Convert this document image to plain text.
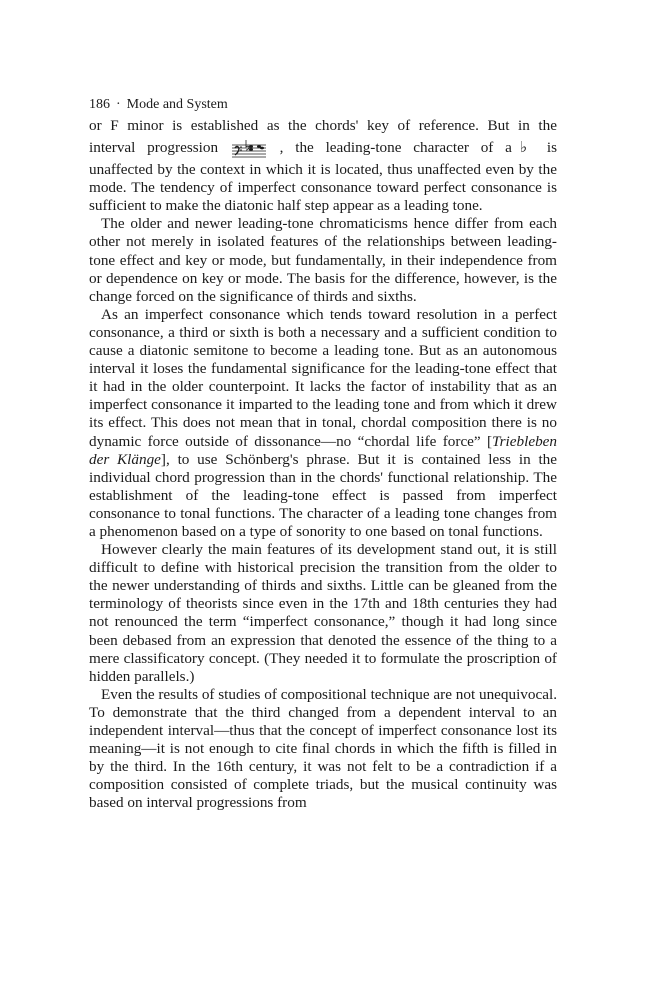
186 · Mode and System

or F minor is established as the chords' key of reference. But in the

interval progression	, the leading-tone character of a♭ is

unaffected by the context in which it is located, thus unaffected even by the mode. The tendency of imperfect consonance toward perfect consonance is sufficient to make the diatonic half step appear as a leading tone.

The older and newer leading-tone chromaticisms hence differ from each other not merely in isolated features of the relationships between leading-tone effect and key or mode, but fundamentally, in their independence from or dependence on key or mode. The basis for the difference, however, is the change forced on the significance of thirds and sixths.

As an imperfect consonance which tends toward resolution in a perfect consonance, a third or sixth is both a necessary and a sufficient condition to cause a diatonic semitone to become a leading tone. But as an autonomous interval it loses the fundamental significance for the leading-tone effect that it had in the older counterpoint. It lacks the factor of instability that as an imperfect consonance it imparted to the leading tone and from which it drew its effect. This does not mean that in tonal, chordal composition there is no dynamic force outside of dissonance—no “chordal life force” [Triebleben der Klänge], to use Schönberg's phrase. But it is contained less in the individual chord progression than in the chords' functional relationship. The establishment of the leading-tone effect is passed from imperfect consonance to tonal functions. The character of a leading tone changes from a phenomenon based on a type of sonority to one based on tonal functions.

However clearly the main features of its development stand out, it is still difficult to define with historical precision the transition from the older to the newer understanding of thirds and sixths. Little can be gleaned from the terminology of theorists since even in the 17th and 18th centuries they had not renounced the term “imperfect consonance,” though it had long since been debased from an expression that denoted the essence of the thing to a mere classificatory concept. (They needed it to formulate the proscription of hidden parallels.)

Even the results of studies of compositional technique are not unequivocal. To demonstrate that the third changed from a dependent interval to an independent interval—thus that the concept of imperfect consonance lost its meaning—it is not enough to cite final chords in which the fifth is filled in by the third. In the 16th century, it was not felt to be a contradiction if a composition consisted of complete triads, but the musical continuity was based on interval progressions from
